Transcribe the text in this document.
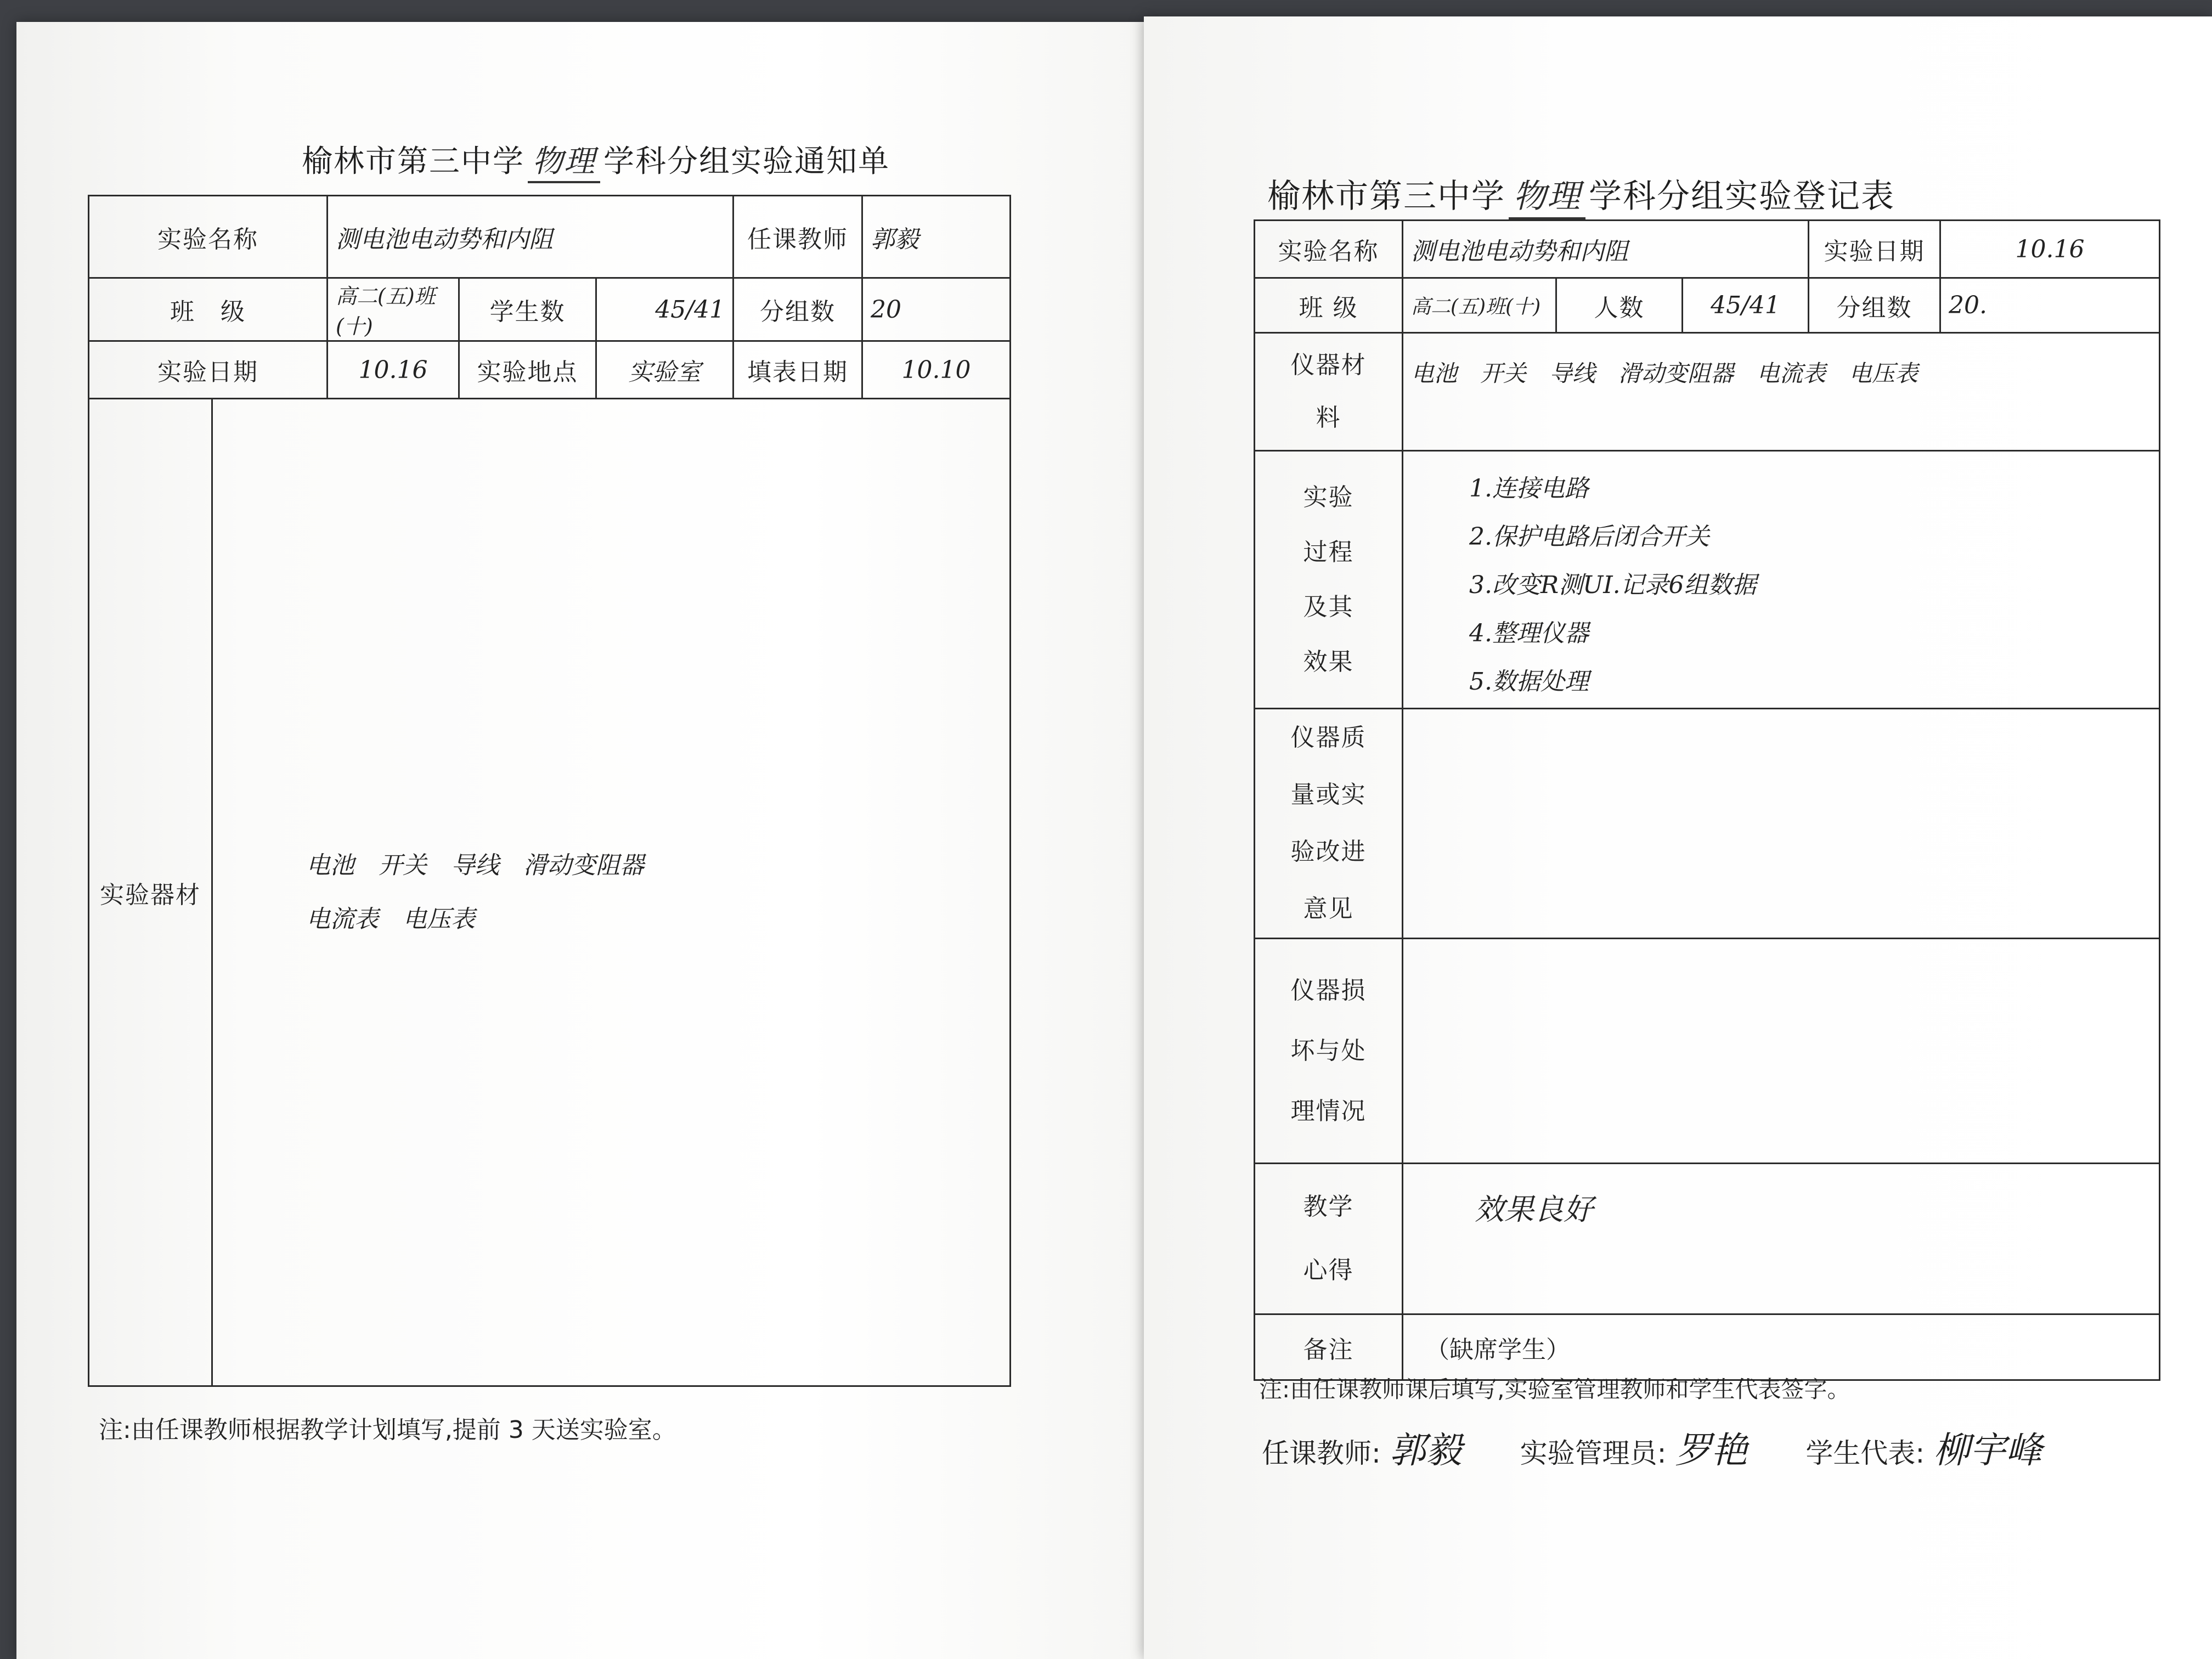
榆林市第三中学 物理 学科分组实验通知单
实验名称		测电池电动势和内阻			任课教师	郭毅
班　级		高二(五)班(十)	学生数	45/41	分组数	20
实验日期		10.16	实验地点	实验室	填表日期	10.10
实验器材	电池　开关　导线　滑动变阻器
电流表　电压表					
注:由任课教师根据教学计划填写,提前 3 天送实验室。
榆林市第三中学 物理 学科分组实验登记表
实验名称	测电池电动势和内阻			实验日期	10.16
班 级	高二(五)班(十)	人数	45/41	分组数	20.
仪器材料	电池　开关　导线　滑动变阻器　电流表　电压表				
实验过程及其效果	1.连接电路
2.保护电路后闭合开关
3.改变R测UI.记录6组数据
4.整理仪器
5.数据处理				

仪器质量或实验改进意见					
仪器损坏与处理情况					
教学心得	效果良好				
备注	（缺席学生）				
注:由任课教师课后填写,实验室管理教师和学生代表签字。
任课教师: 郭毅 实验管理员: 罗艳 学生代表: 柳宇峰
